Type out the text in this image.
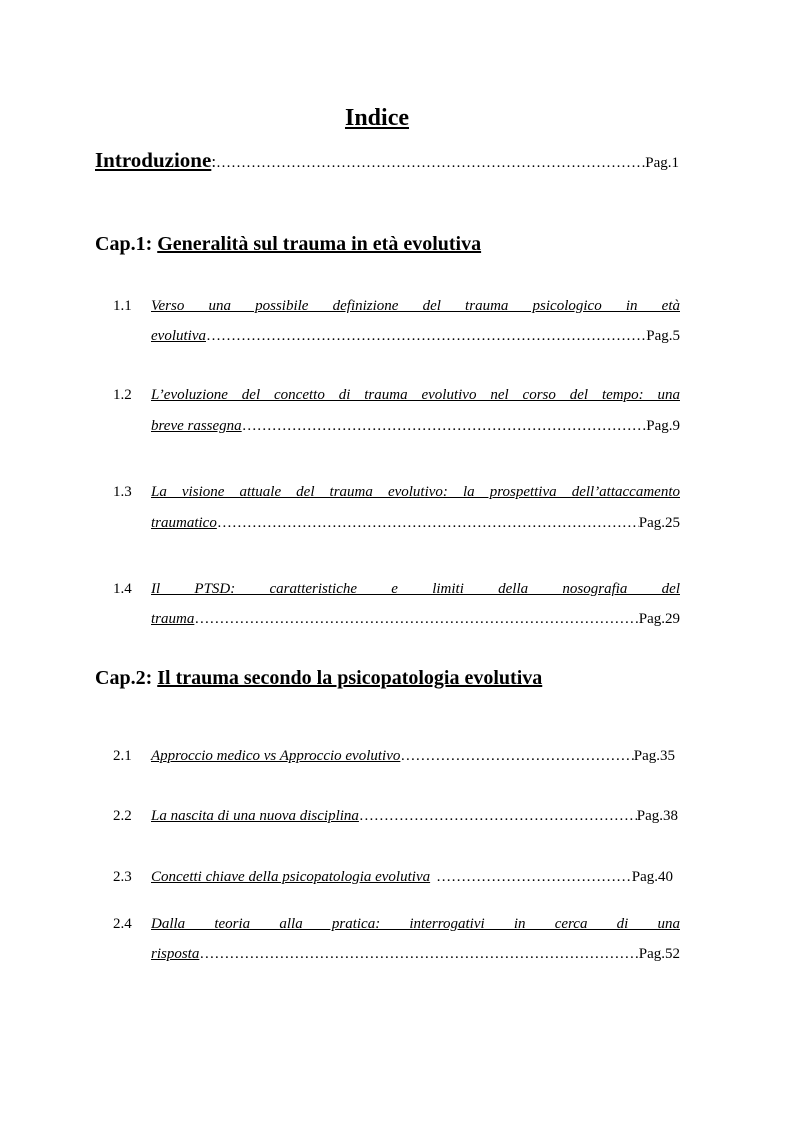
Indice
Introduzione : ……………………………………………………………………………………………………………………………………………………………	Pag.1
Cap.1: Generalità sul trauma in età evolutiva
1.1 Verso una possibile definizione del trauma psicologico in età
evolutiva ……………………………………………………………………………………………………………………………………………………………	Pag.5
1.2 L’evoluzione del concetto di trauma evolutivo nel corso del tempo: una
breve rassegna ……………………………………………………………………………………………………………………………………………………………	Pag.9
1.3 La visione attuale del trauma evolutivo: la prospettiva dell’attaccamento
traumatico ……………………………………………………………………………………………………………………………………………………………	Pag.25
1.4 Il PTSD: caratteristiche e limiti della nosografia del
trauma ……………………………………………………………………………………………………………………………………………………………	Pag.29
Cap.2: Il trauma secondo la psicopatologia evolutiva
2.1 Approccio medico vs Approccio evolutivo ……………………………………………………………………………………………………………………………………………………………	Pag.35
2.2 La nascita di una nuova disciplina ……………………………………………………………………………………………………………………………………………………………	Pag.38
2.3 Concetti chiave della psicopatologia evolutiva ……………………………………………………………………………………………………………………………………………………………	Pag.40
2.4 Dalla teoria alla pratica: interrogativi in cerca di una
risposta ……………………………………………………………………………………………………………………………………………………………	Pag.52
